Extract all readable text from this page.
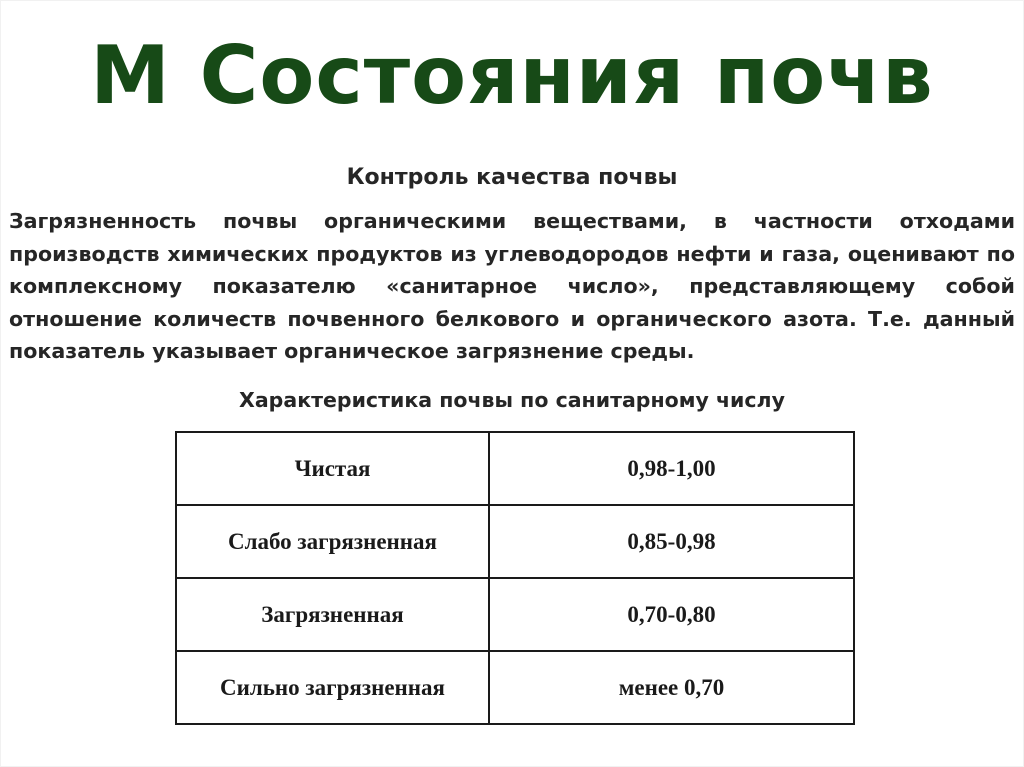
М Состояния почв
Контроль качества почвы

Загрязненность почвы органическими веществами, в частности отходами производств химических продуктов из углеводородов нефти и газа, оценивают по комплексному показателю «санитарное число», представляющему собой отношение количеств почвенного белкового и органического азота. Т.е. данный показатель указывает органическое загрязнение среды.

Характеристика почвы по санитарному числу
Чистая	0,98-1,00
Слабо загрязненная	0,85-0,98
Загрязненная	0,70-0,80
Сильно загрязненная	менее 0,70
